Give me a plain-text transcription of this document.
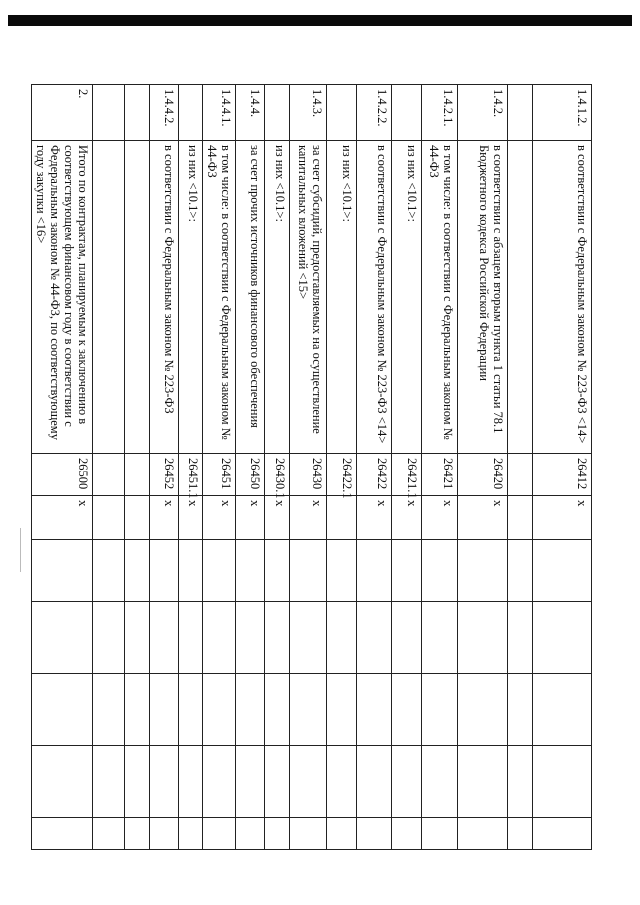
1.4.1.2.	в соответствии с Федеральным законом № 223-ФЗ <14>	26412	x					

1.4.2.	в соответствии с абзацем вторым пункта 1 статьи 78.1 Бюджетного кодекса Российской Федерации	26420	x					
1.4.2.1.	в том числе: в соответствии с Федеральным законом № 44-ФЗ	26421	x					
	из них <10.1>:	26421.1	x					
1.4.2.2.	в соответствии с Федеральным законом № 223-ФЗ <14>	26422	x					
	из них <10.1>:	26422.1						
1.4.3.	за счет субсидий, предоставляемых на осуществление капитальных вложений <15>	26430	x					
	из них <10.1>:	26430.1	x					
1.4.4.	за счет прочих источников финансового обеспечения	26450	x					
1.4.4.1.	в том числе: в соответствии с Федеральным законом № 44-ФЗ	26451	x					
	из них <10.1>:	26451.1	x					
1.4.4.2.	в соответствии с Федеральным законом № 223-ФЗ	26452	x					

2.	Итого по контрактам, планируемым к заключению в соответствующем финансовом году в соответствии с Федеральным законом № 44-ФЗ, по соответствующему году закупки <16>	26500	x					
